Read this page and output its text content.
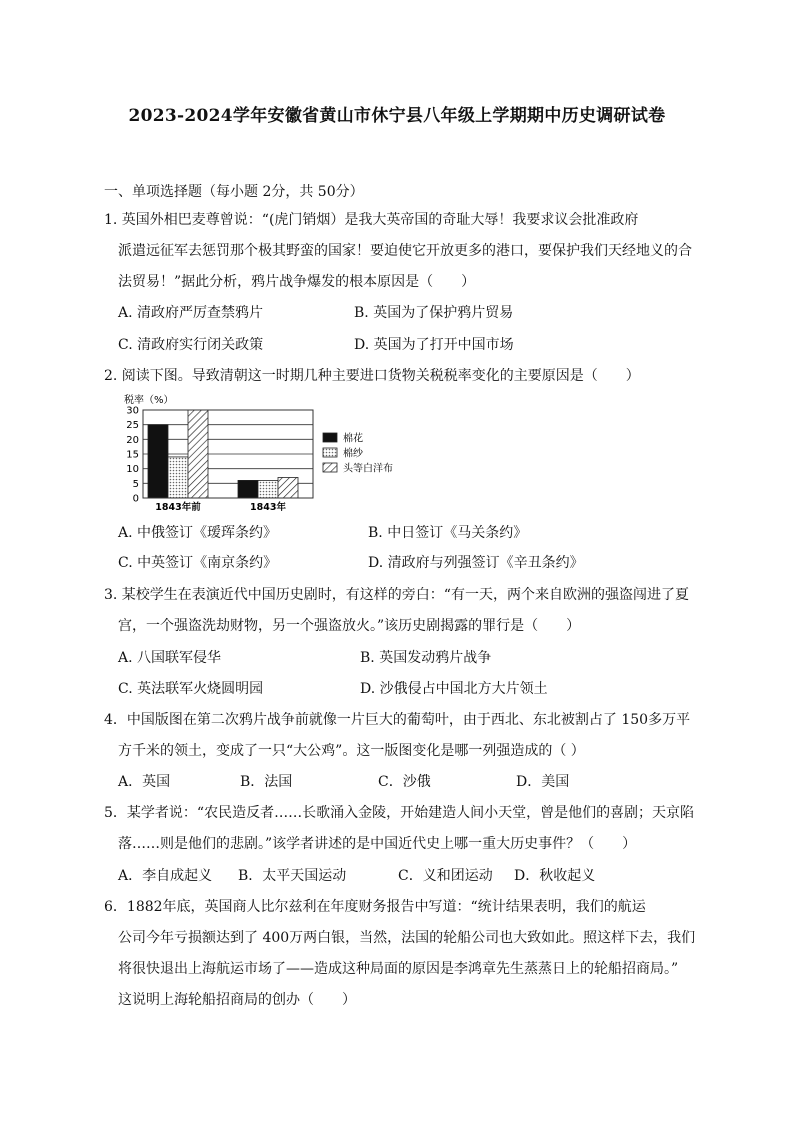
2023-2024学年安徽省黄山市休宁县八年级上学期期中历史调研试卷
一、单项选择题（每小题 2分，共 50分）
1. 英国外相巴麦尊曾说：“(虎门销烟）是我大英帝国的奇耻大辱！我要求议会批准政府
派遣远征军去惩罚那个极其野蛮的国家！要迫使它开放更多的港口，要保护我们天经地义的合
法贸易！”据此分析，鸦片战争爆发的根本原因是（　　）
A. 清政府严厉查禁鸦片	B. 英国为了保护鸦片贸易
C. 清政府实行闭关政策	D. 英国为了打开中国市场
2. 阅读下图。导致清朝这一时期几种主要进口货物关税税率变化的主要原因是（　　）
税率（%）
0
5
10
15
20
25
30
1843年前	1843年
棉花
棉纱
头等白洋布
A. 中俄签订《瑷珲条约》	B. 中日签订《马关条约》
C. 中英签订《南京条约》	D. 清政府与列强签订《辛丑条约》
3. 某校学生在表演近代中国历史剧时，有这样的旁白：“有一天，两个来自欧洲的强盗闯进了夏
宫，一个强盗洗劫财物，另一个强盗放火。”该历史剧揭露的罪行是（　　）
A. 八国联军侵华	B. 英国发动鸦片战争
C. 英法联军火烧圆明园	D. 沙俄侵占中国北方大片领土
4．中国版图在第二次鸦片战争前就像一片巨大的葡萄叶，由于西北、东北被割占了 150多万平
方千米的领土，变成了一只“大公鸡”。这一版图变化是哪一列强造成的（ ）
A．英国	B．法国	C．沙俄	D．美国
5．某学者说：“农民造反者……长歌涌入金陵，开始建造人间小天堂，曾是他们的喜剧；天京陷
落……则是他们的悲剧。”该学者讲述的是中国近代史上哪一重大历史事件？（　　）
A．李自成起义 B．太平天国运动	C．义和团运动 D．秋收起义
6．1882年底，英国商人比尔兹利在年度财务报告中写道：“统计结果表明，我们的航运
公司今年亏损额达到了 400万两白银，当然，法国的轮船公司也大致如此。照这样下去，我们
将很快退出上海航运市场了——造成这种局面的原因是李鸿章先生蒸蒸日上的轮船招商局。”
这说明上海轮船招商局的创办（　　）
